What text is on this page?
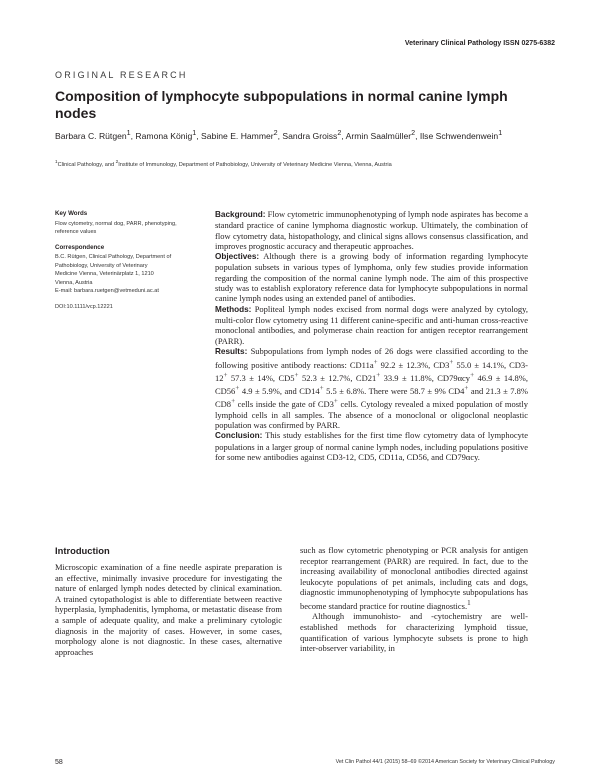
Veterinary Clinical Pathology ISSN 0275-6382
ORIGINAL RESEARCH
Composition of lymphocyte subpopulations in normal canine lymph nodes
Barbara C. Rütgen$^1$, Ramona König$^1$, Sabine E. Hammer$^2$, Sandra Groiss$^2$, Armin Saalmüller$^2$, Ilse Schwendenwein$^1$
$^1$Clinical Pathology, and $^2$Institute of Immunology, Department of Pathobiology, University of Veterinary Medicine Vienna, Vienna, Austria
Key Words
Flow cytometry, normal dog, PARR, phenotyping, reference values
Correspondence
B.C. Rütgen, Clinical Pathology, Department of
Pathobiology, University of Veterinary
Medicine Vienna, Veterinärplatz 1, 1210
Vienna, Austria
E-mail: barbara.ruetgen@vetmeduni.ac.at
DOI:10.1111/vcp.12221

Background: Flow cytometric immunophenotyping of lymph node aspirates has become a standard practice of canine lymphoma diagnostic workup. Ultimately, the combination of flow cytometry data, histopathology, and clinical signs allows consensus classification, and improves prognostic accuracy and therapeutic approaches.

Objectives: Although there is a growing body of information regarding lymphocyte population subsets in various types of lymphoma, only few studies provide information regarding the composition of the normal canine lymph node. The aim of this prospective study was to establish exploratory reference data for lymphocyte subpopulations in normal canine lymph nodes using an extended panel of antibodies.

Methods: Popliteal lymph nodes excised from normal dogs were analyzed by cytology, multi-color flow cytometry using 11 different canine-specific and anti-human cross-reactive monoclonal antibodies, and polymerase chain reaction for antigen receptor rearrangement (PARR).

Results: Subpopulations from lymph nodes of 26 dogs were classified according to the following positive antibody reactions: CD11a+ 92.2 ± 12.3%, CD3+ 55.0 ± 14.1%, CD3-12+ 57.3 ± 14%, CD5+ 52.3 ± 12.7%, CD21+ 33.9 ± 11.8%, CD79αcy+ 46.9 ± 14.8%, CD56+ 4.9 ± 5.9%, and CD14+ 5.5 ± 6.8%. There were 58.7 ± 9% CD4+ and 21.3 ± 7.8% CD8+ cells inside the gate of CD3+ cells. Cytology revealed a mixed population of mostly lymphoid cells in all samples. The absence of a monoclonal or oligoclonal neoplastic population was confirmed by PARR.

Conclusion: This study establishes for the first time flow cytometry data of lymphocyte populations in a larger group of normal canine lymph nodes, including populations positive for some new antibodies against CD3-12, CD5, CD11a, CD56, and CD79αcy.

Introduction

Microscopic examination of a fine needle aspirate preparation is an effective, minimally invasive procedure for investigating the nature of enlarged lymph nodes detected by clinical examination. A trained cytopathologist is able to differentiate between reactive hyperplasia, lymphadenitis, lymphoma, or metastatic disease from a sample of adequate quality, and make a preliminary cytologic diagnosis in the majority of cases. However, in some cases, morphology alone is not diagnostic. In these cases, alternative approaches

such as flow cytometric phenotyping or PCR analysis for antigen receptor rearrangement (PARR) are required. In fact, due to the increasing availability of monoclonal antibodies directed against leukocyte populations of pet animals, including cats and dogs, diagnostic immunophenotyping of lymphocyte subpopulations has become standard practice for routine diagnostics.$^1$

Although immunohisto- and -cytochemistry are well-established methods for characterizing lymphoid tissue, quantification of various lymphocyte subsets is prone to high inter-observer variability, in

58	Vet Clin Pathol 44/1 (2015) 58–69 ©2014 American Society for Veterinary Clinical Pathology
